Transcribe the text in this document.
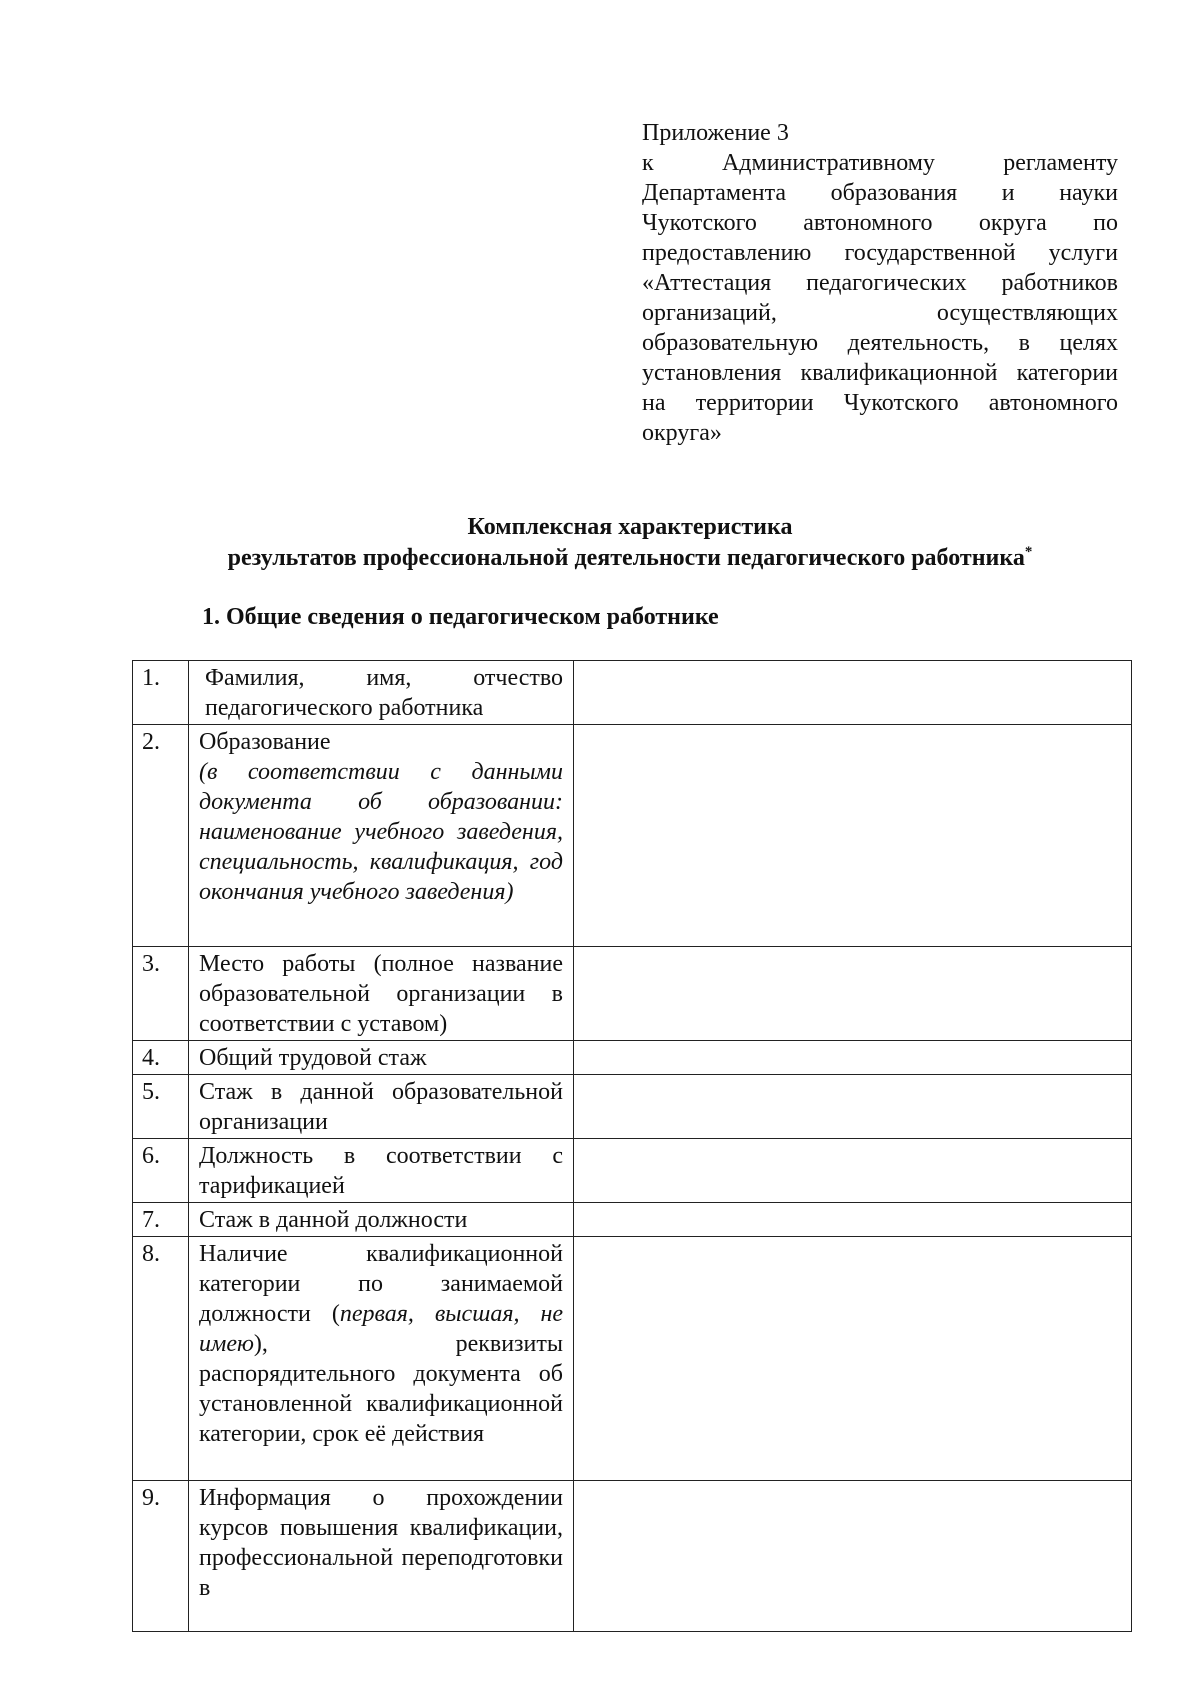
Приложение 3
к Административному регламенту Департамента образования и науки Чукотского автономного округа по предоставлению государственной услуги «Аттестация педагогических работников организаций, осуществляющих образовательную деятельность, в целях установления квалификационной категории на территории Чукотского автономного округа»
Комплексная характеристика
результатов профессиональной деятельности педагогического работника*
1. Общие сведения о педагогическом работнике
1.	Фамилия, имя, отчество педагогического работника	

2.	Образование
(в соответствии с данными документа об образовании: наименование учебного заведения, специальность, квалификация, год окончания учебного заведения)	

3.	Место работы (полное название образовательной организации в соответствии с уставом)	

4.	Общий трудовой стаж	

5.	Стаж в данной образовательной организации	

6.	Должность в соответствии с тарификацией	

7.	Стаж в данной должности	

8.	Наличие квалификационной категории по занимаемой должности (первая, высшая, не имею), реквизиты распорядительного документа об установленной квалификационной категории, срок её действия	

9.	Информация о прохождении курсов повышения квалификации, профессиональной переподготовки в	
